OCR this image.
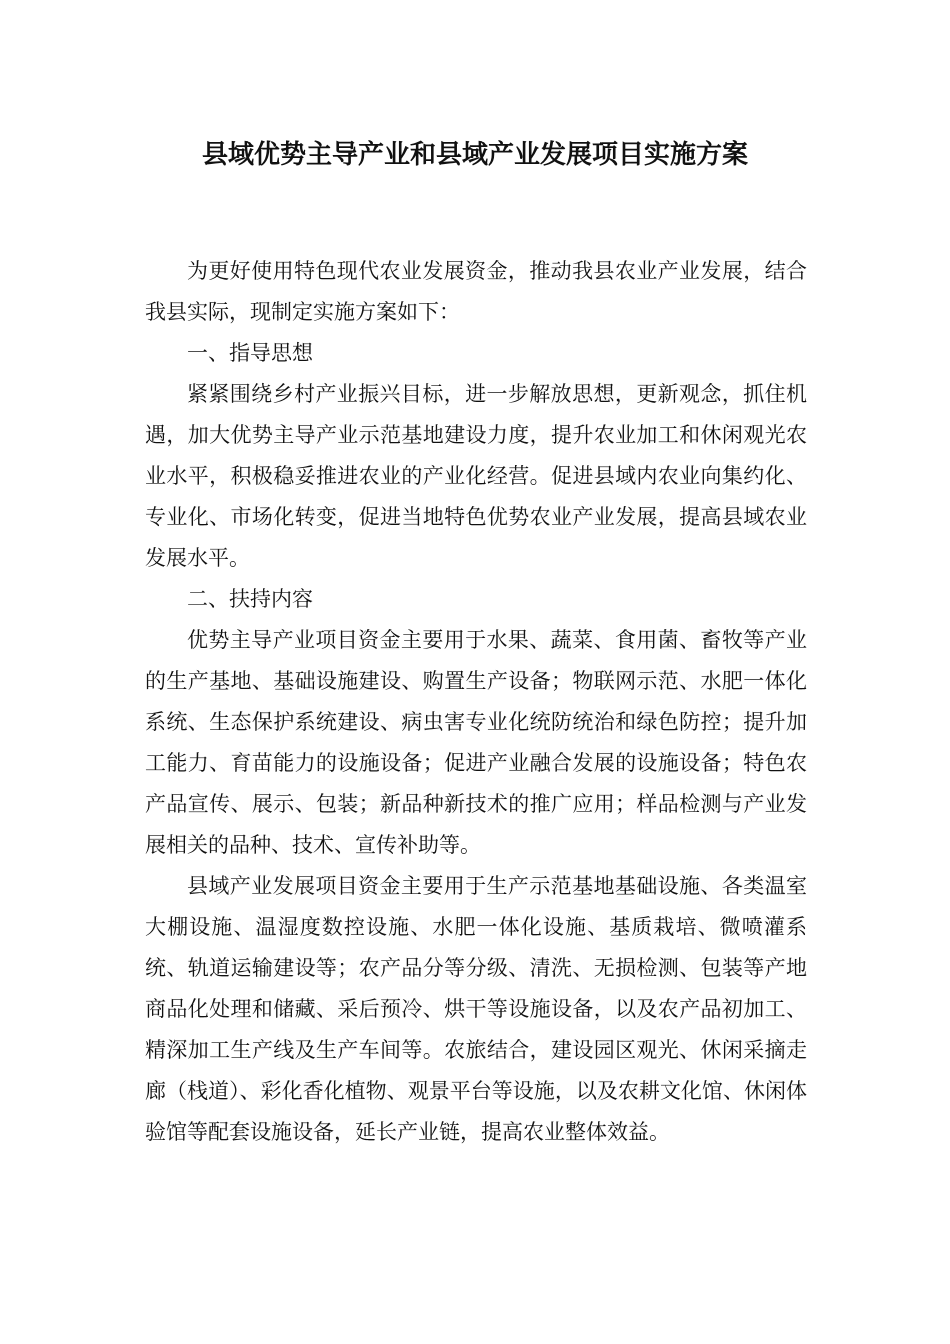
县域优势主导产业和县域产业发展项目实施方案

为更好使用特色现代农业发展资金，推动我县农业产业发展，结合我县实际，现制定实施方案如下：

一、指导思想

紧紧围绕乡村产业振兴目标，进一步解放思想，更新观念，抓住机遇，加大优势主导产业示范基地建设力度，提升农业加工和休闲观光农业水平，积极稳妥推进农业的产业化经营。促进县域内农业向集约化、专业化、市场化转变，促进当地特色优势农业产业发展，提高县域农业发展水平。

二、扶持内容

优势主导产业项目资金主要用于水果、蔬菜、食用菌、畜牧等产业的生产基地、基础设施建设、购置生产设备；物联网示范、水肥一体化系统、生态保护系统建设、病虫害专业化统防统治和绿色防控；提升加工能力、育苗能力的设施设备；促进产业融合发展的设施设备；特色农产品宣传、展示、包装；新品种新技术的推广应用；样品检测与产业发展相关的品种、技术、宣传补助等。

县域产业发展项目资金主要用于生产示范基地基础设施、各类温室大棚设施、温湿度数控设施、水肥一体化设施、基质栽培、微喷灌系统、轨道运输建设等；农产品分等分级、清洗、无损检测、包装等产地商品化处理和储藏、采后预冷、烘干等设施设备，以及农产品初加工、精深加工生产线及生产车间等。农旅结合，建设园区观光、休闲采摘走廊（栈道）、彩化香化植物、观景平台等设施，以及农耕文化馆、休闲体验馆等配套设施设备，延长产业链，提高农业整体效益。
